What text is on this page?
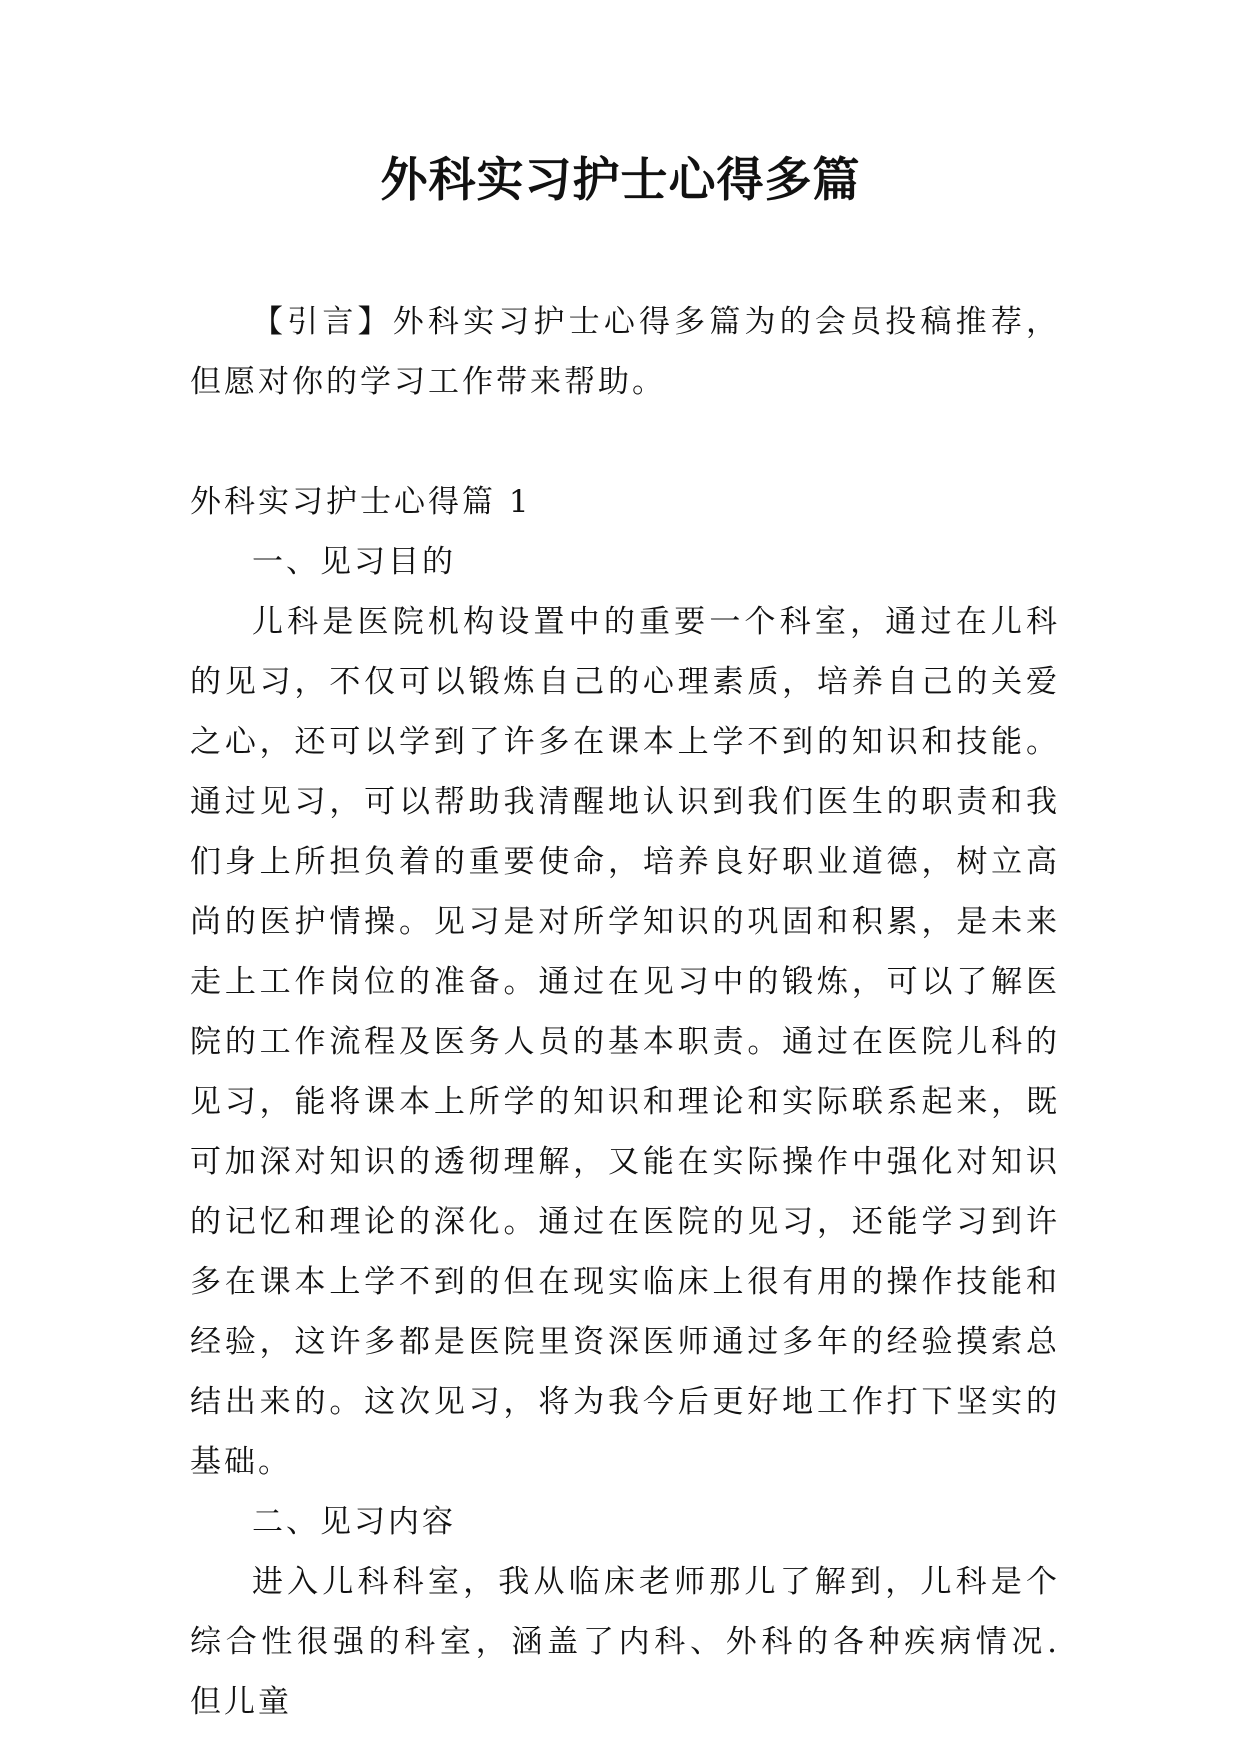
外科实习护士心得多篇

【引言】外科实习护士心得多篇为的会员投稿推荐，但愿对你的学习工作带来帮助。

外科实习护士心得篇 1

一、见习目的

儿科是医院机构设置中的重要一个科室，通过在儿科的见习，不仅可以锻炼自己的心理素质，培养自己的关爱之心，还可以学到了许多在课本上学不到的知识和技能。通过见习，可以帮助我清醒地认识到我们医生的职责和我们身上所担负着的重要使命，培养良好职业道德，树立高尚的医护情操。见习是对所学知识的巩固和积累，是未来走上工作岗位的准备。通过在见习中的锻炼，可以了解医院的工作流程及医务人员的基本职责。通过在医院儿科的见习，能将课本上所学的知识和理论和实际联系起来，既可加深对知识的透彻理解，又能在实际操作中强化对知识的记忆和理论的深化。通过在医院的见习，还能学习到许多在课本上学不到的但在现实临床上很有用的操作技能和经验，这许多都是医院里资深医师通过多年的经验摸索总结出来的。这次见习，将为我今后更好地工作打下坚实的基础。

二、见习内容

进入儿科科室，我从临床老师那儿了解到，儿科是个综合性很强的科室，涵盖了内科、外科的各种疾病情况. 但儿童
